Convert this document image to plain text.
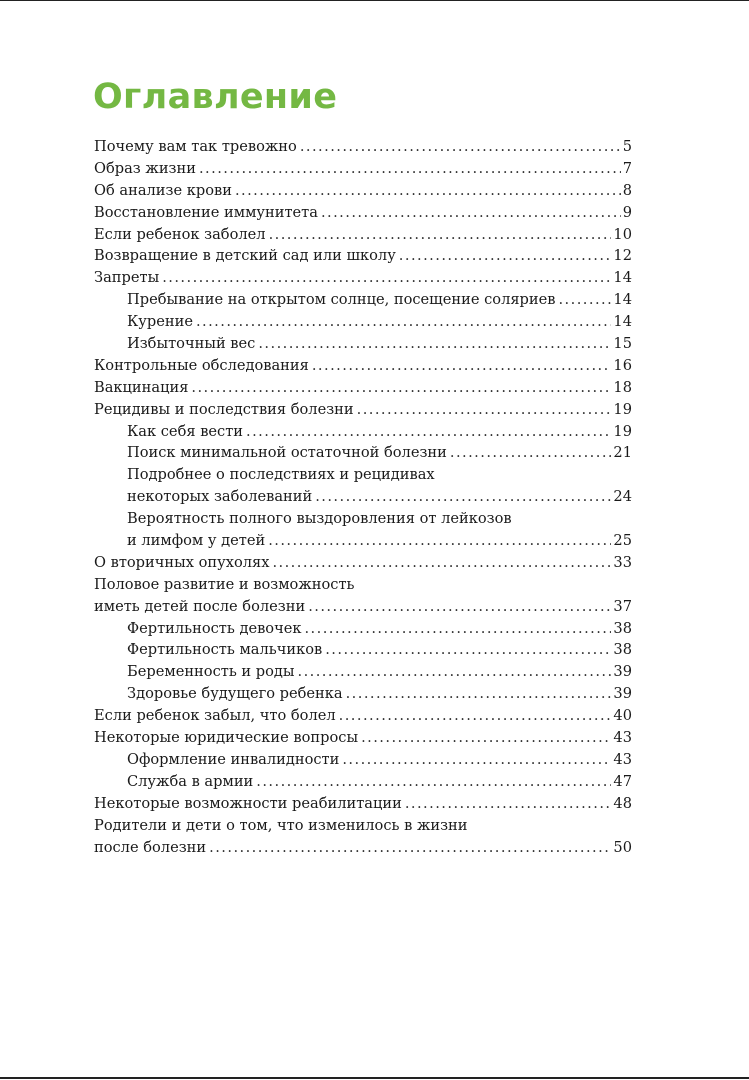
Оглавление
Почему вам так тревожно . . .	5
Образ жизни . . .	7
Об анализе крови . . .	8
Восстановление иммунитета . . .	9
Если ребенок заболел . . .	10
Возвращение в детский сад или школу . . .	12
Запреты . . .	14
Пребывание на открытом солнце, посещение соляриев . . .	14
Курение . . .	14
Избыточный вес . . .	15
Контрольные обследования . . .	16
Вакцинация . . .	18
Рецидивы и последствия болезни . . .	19
Как себя вести . . .	19
Поиск минимальной остаточной болезни . . .	21
Подробнее о последствиях и рецидивах
некоторых заболеваний . . .	24
Вероятность полного выздоровления от лейкозов
и лимфом у детей . . .	25
О вторичных опухолях . . .	33
Половое развитие и возможность
иметь детей после болезни . . .	37
Фертильность девочек . . .	38
Фертильность мальчиков . . .	38
Беременность и роды . . .	39
Здоровье будущего ребенка . . .	39
Если ребенок забыл, что болел . . .	40
Некоторые юридические вопросы . . .	43
Оформление инвалидности . . .	43
Служба в армии . . .	47
Некоторые возможности реабилитации . . .	48
Родители и дети о том, что изменилось в жизни
после болезни . . .	50
